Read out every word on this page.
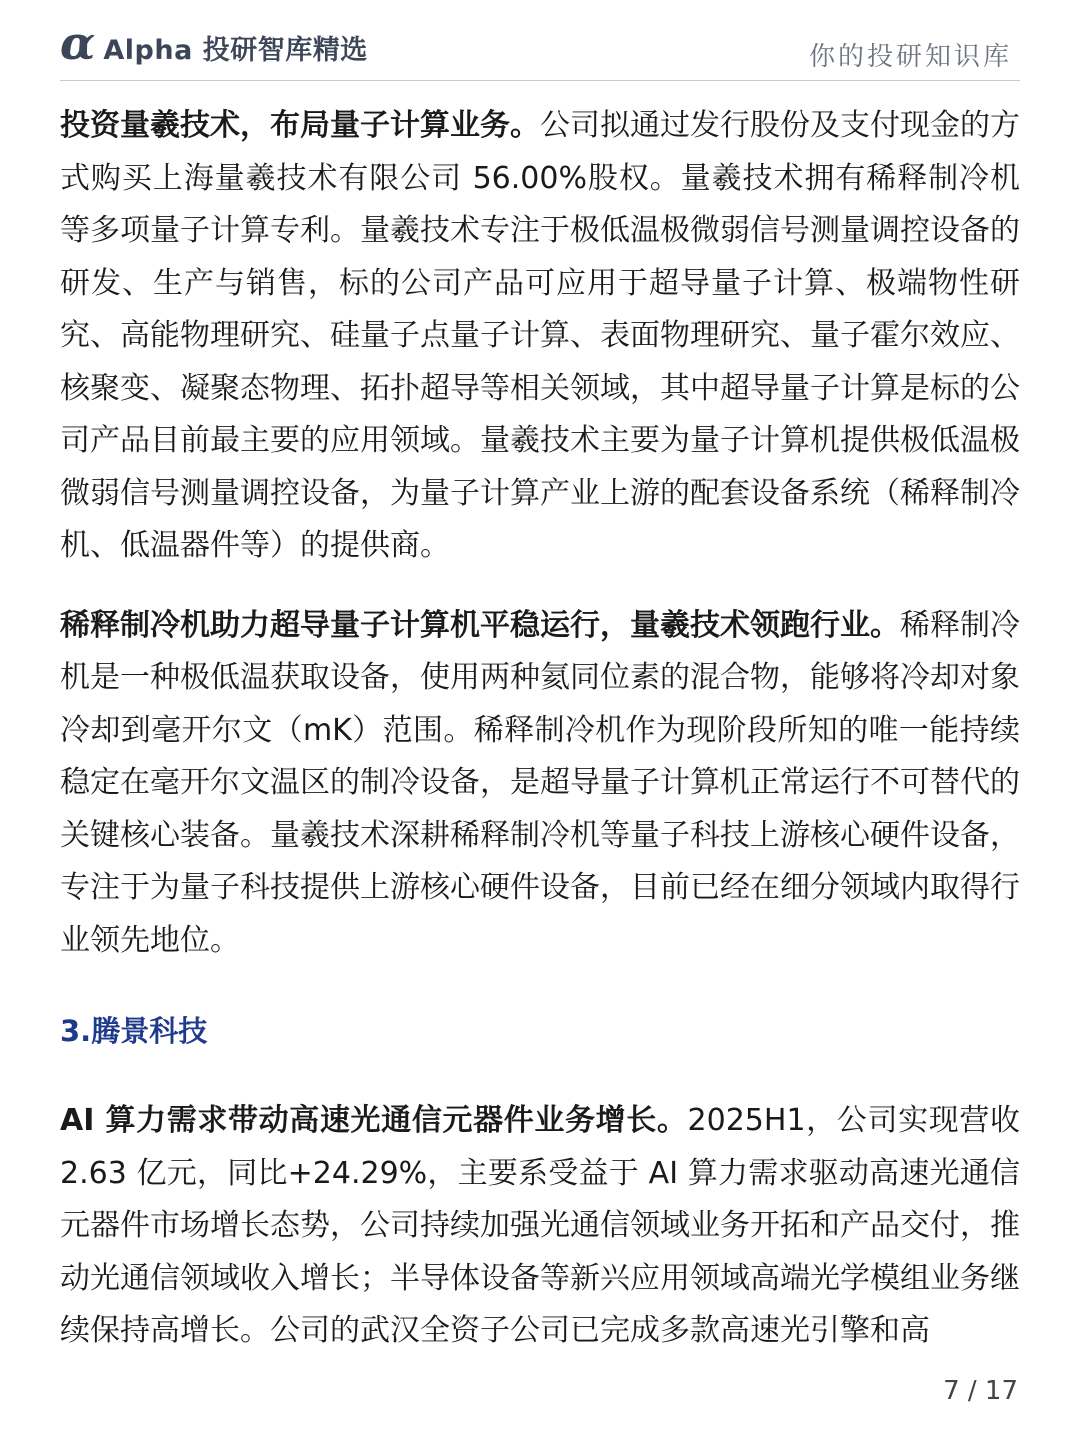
α Alpha 投研智库精选	你的投研知识库

投资量羲技术，布局量子计算业务。公司拟通过发行股份及支付现金的方式购买上海量羲技术有限公司 56.00%股权。量羲技术拥有稀释制冷机等多项量子计算专利。量羲技术专注于极低温极微弱信号测量调控设备的研发、生产与销售，标的公司产品可应用于超导量子计算、极端物性研究、高能物理研究、硅量子点量子计算、表面物理研究、量子霍尔效应、核聚变、凝聚态物理、拓扑超导等相关领域，其中超导量子计算是标的公司产品目前最主要的应用领域。量羲技术主要为量子计算机提供极低温极微弱信号测量调控设备，为量子计算产业上游的配套设备系统（稀释制冷机、低温器件等）的提供商。

稀释制冷机助力超导量子计算机平稳运行，量羲技术领跑行业。稀释制冷机是一种极低温获取设备，使用两种氦同位素的混合物，能够将冷却对象冷却到毫开尔文（mK）范围。稀释制冷机作为现阶段所知的唯一能持续稳定在毫开尔文温区的制冷设备，是超导量子计算机正常运行不可替代的关键核心装备。量羲技术深耕稀释制冷机等量子科技上游核心硬件设备，专注于为量子科技提供上游核心硬件设备，目前已经在细分领域内取得行业领先地位。

3.腾景科技

AI 算力需求带动高速光通信元器件业务增长。2025H1，公司实现营收 2.63 亿元，同比+24.29%，主要系受益于 AI 算力需求驱动高速光通信元器件市场增长态势，公司持续加强光通信领域业务开拓和产品交付，推动光通信领域收入增长；半导体设备等新兴应用领域高端光学模组业务继续保持高增长。公司的武汉全资子公司已完成多款高速光引擎和高

7 / 17
